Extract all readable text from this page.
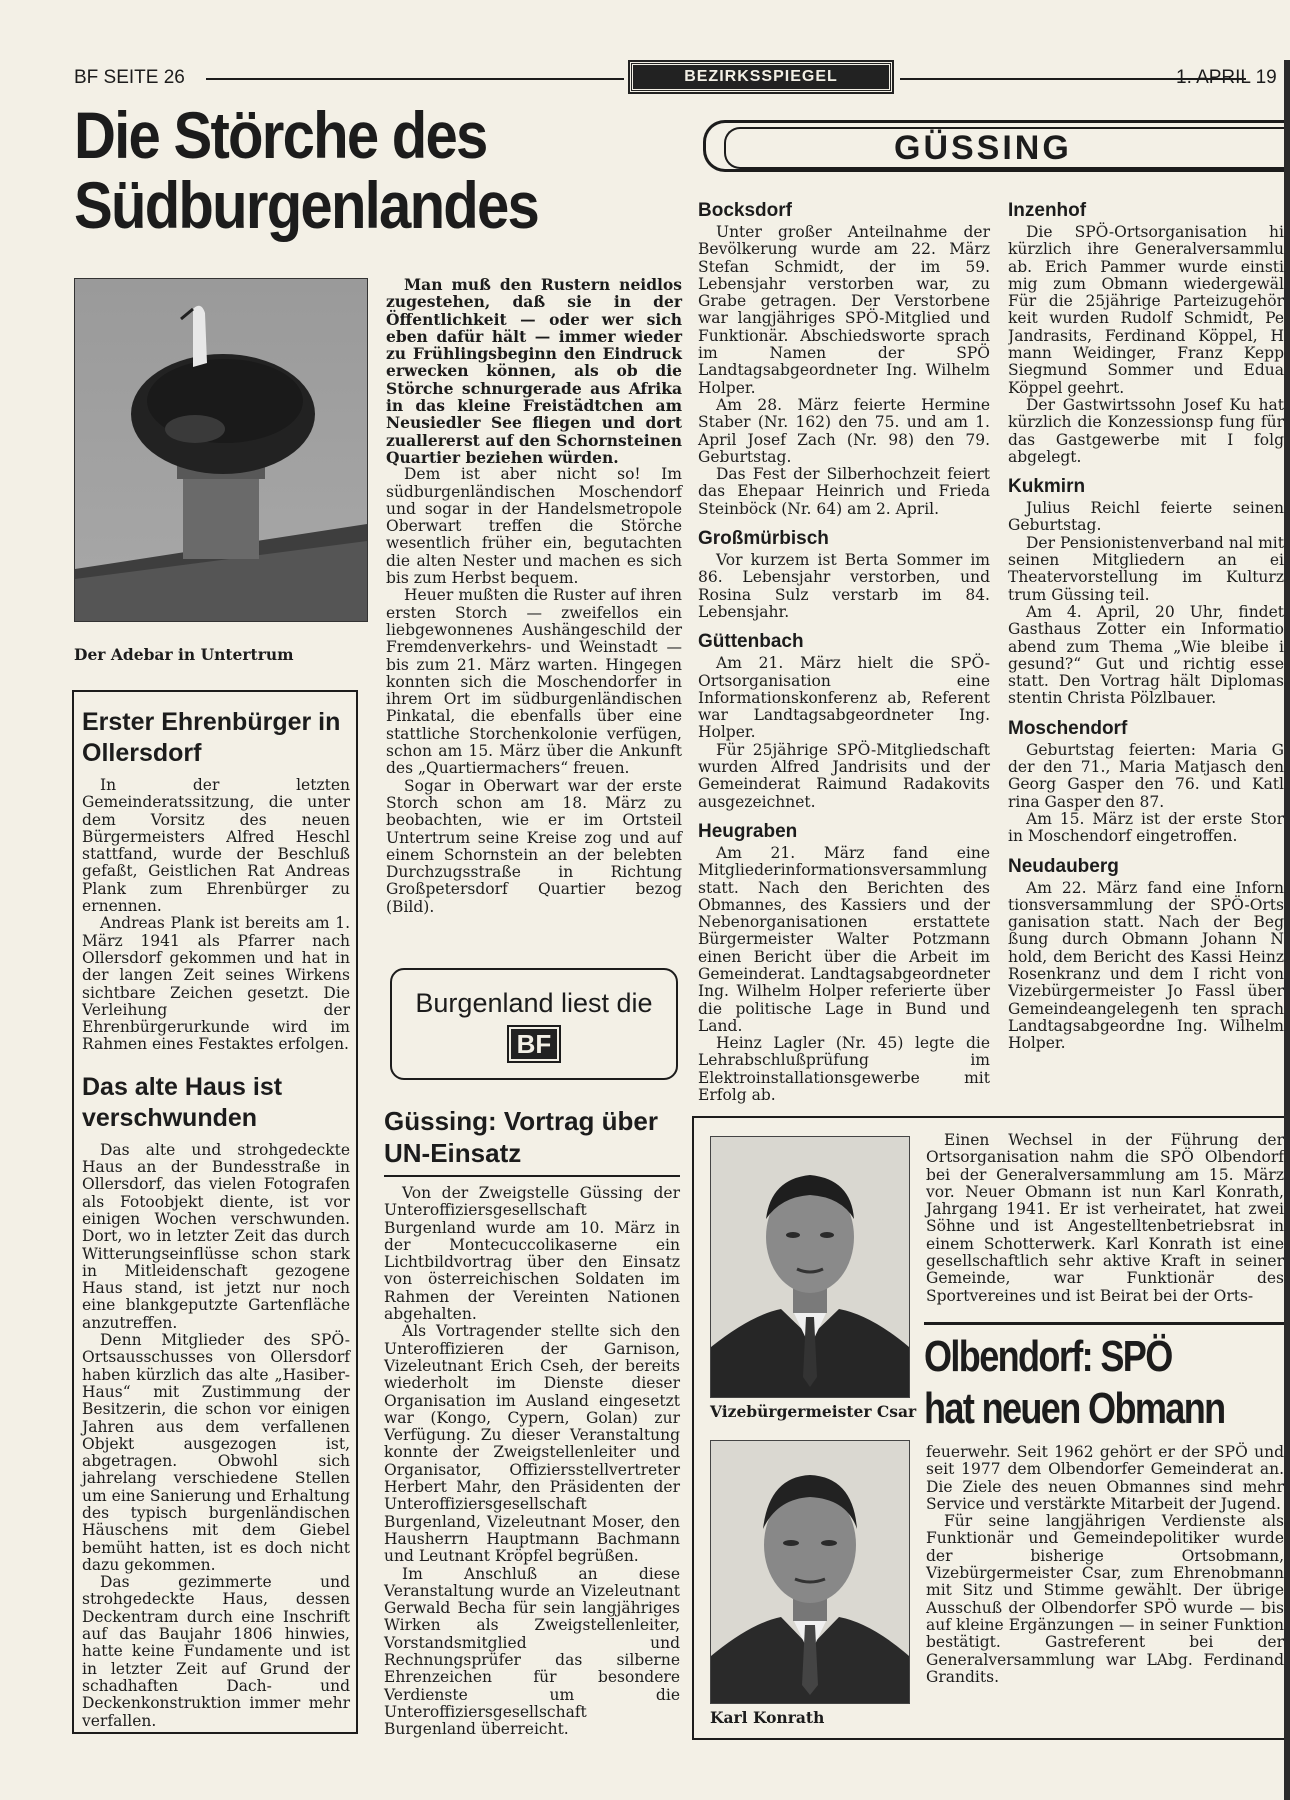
BF SEITE 26	BEZIRKSSPIEGEL	1. APRIL 19
GÜSSING
Die Störche des
Südburgenlandes
Der Adebar in Untertrum

Man muß den Rustern neidlos zugestehen, daß sie in der Öffentlichkeit — oder wer sich eben dafür hält — immer wieder zu Frühlingsbeginn den Eindruck erwecken können, als ob die Störche schnurgerade aus Afrika in das kleine Freistädtchen am Neusiedler See fliegen und dort zuallererst auf den Schornsteinen Quartier beziehen würden.

Dem ist aber nicht so! Im südburgenländischen Moschendorf und sogar in der Handelsmetropole Oberwart treffen die Störche wesentlich früher ein, begutachten die alten Nester und machen es sich bis zum Herbst bequem.

Heuer mußten die Ruster auf ihren ersten Storch — zweifellos ein liebgewonnenes Aushängeschild der Fremdenverkehrs- und Weinstadt — bis zum 21. März warten. Hingegen konnten sich die Moschendorfer in ihrem Ort im südburgenländischen Pinkatal, die ebenfalls über eine stattliche Storchenkolonie verfügen, schon am 15. März über die Ankunft des „Quartiermachers“ freuen.

Sogar in Oberwart war der erste Storch schon am 18. März zu beobachten, wie er im Ortsteil Untertrum seine Kreise zog und auf einem Schornstein an der belebten Durchzugsstraße in Richtung Großpetersdorf Quartier bezog (Bild).

Erster Ehrenbürger in Ollersdorf

In der letzten Gemeinderatssitzung, die unter dem Vorsitz des neuen Bürgermeisters Alfred Heschl stattfand, wurde der Beschluß gefaßt, Geistlichen Rat Andreas Plank zum Ehrenbürger zu ernennen.

Andreas Plank ist bereits am 1. März 1941 als Pfarrer nach Ollersdorf gekommen und hat in der langen Zeit seines Wirkens sichtbare Zeichen gesetzt. Die Verleihung der Ehrenbürgerurkunde wird im Rahmen eines Festaktes erfolgen.

Das alte Haus ist verschwunden

Das alte und strohgedeckte Haus an der Bundesstraße in Ollersdorf, das vielen Fotografen als Fotoobjekt diente, ist vor einigen Wochen verschwunden. Dort, wo in letzter Zeit das durch Witterungseinflüsse schon stark in Mitleidenschaft gezogene Haus stand, ist jetzt nur noch eine blankgeputzte Gartenfläche anzutreffen.

Denn Mitglieder des SPÖ-Ortsausschusses von Ollersdorf haben kürzlich das alte „Hasiber-Haus“ mit Zustimmung der Besitzerin, die schon vor einigen Jahren aus dem verfallenen Objekt ausgezogen ist, abgetragen. Obwohl sich jahrelang verschiedene Stellen um eine Sanierung und Erhaltung des typisch burgenländischen Häuschens mit dem Giebel bemüht hatten, ist es doch nicht dazu gekommen.

Das gezimmerte und strohgedeckte Haus, dessen Deckentram durch eine Inschrift auf das Baujahr 1806 hinwies, hatte keine Fundamente und ist in letzter Zeit auf Grund der schadhaften Dach- und Deckenkonstruktion immer mehr verfallen.

Burgenland liest die
BF
Güssing: Vortrag über UN-Einsatz

Von der Zweigstelle Güssing der Unteroffiziersgesellschaft Burgenland wurde am 10. März in der Montecuccolikaserne ein Lichtbildvortrag über den Einsatz von österreichischen Soldaten im Rahmen der Vereinten Nationen abgehalten.

Als Vortragender stellte sich den Unteroffizieren der Garnison, Vizeleutnant Erich Cseh, der bereits wiederholt im Dienste dieser Organisation im Ausland eingesetzt war (Kongo, Cypern, Golan) zur Verfügung. Zu dieser Veranstaltung konnte der Zweigstellenleiter und Organisator, Offiziersstellvertreter Herbert Mahr, den Präsidenten der Unteroffiziersgesellschaft Burgenland, Vizeleutnant Moser, den Hausherrn Hauptmann Bachmann und Leutnant Kröpfel begrüßen.

Im Anschluß an diese Veranstaltung wurde an Vizeleutnant Gerwald Becha für sein langjähriges Wirken als Zweigstellenleiter, Vorstandsmitglied und Rechnungsprüfer das silberne Ehrenzeichen für besondere Verdienste um die Unteroffiziersgesellschaft Burgenland überreicht.

Bocksdorf

Unter großer Anteilnahme der Bevölkerung wurde am 22. März Stefan Schmidt, der im 59. Lebensjahr verstorben war, zu Grabe getragen. Der Verstorbene war langjähriges SPÖ-Mitglied und Funktionär. Abschiedsworte sprach im Namen der SPÖ Landtagsabgeordneter Ing. Wilhelm Holper.

Am 28. März feierte Hermine Staber (Nr. 162) den 75. und am 1. April Josef Zach (Nr. 98) den 79. Geburtstag.

Das Fest der Silberhochzeit feiert das Ehepaar Heinrich und Frieda Steinböck (Nr. 64) am 2. April.

Großmürbisch

Vor kurzem ist Berta Sommer im 86. Lebensjahr verstorben, und Rosina Sulz verstarb im 84. Lebensjahr.

Güttenbach

Am 21. März hielt die SPÖ-Ortsorganisation eine Informationskonferenz ab, Referent war Landtagsabgeordneter Ing. Holper.

Für 25jährige SPÖ-Mitgliedschaft wurden Alfred Jandrisits und der Gemeinderat Raimund Radakovits ausgezeichnet.

Heugraben

Am 21. März fand eine Mitgliederinformationsversammlung statt. Nach den Berichten des Obmannes, des Kassiers und der Nebenorganisationen erstattete Bürgermeister Walter Potzmann einen Bericht über die Arbeit im Gemeinderat. Landtagsabgeordneter Ing. Wilhelm Holper referierte über die politische Lage in Bund und Land.

Heinz Lagler (Nr. 45) legte die Lehrabschlußprüfung im Elektroinstallationsgewerbe mit Erfolg ab.

Inzenhof

Die SPÖ-Ortsorganisation hi kürzlich ihre Generalversammlu ab. Erich Pammer wurde einsti mig zum Obmann wiedergewäl Für die 25jährige Parteizugehör keit wurden Rudolf Schmidt, Pe Jandrasits, Ferdinand Köppel, H mann Weidinger, Franz Kepp Siegmund Sommer und Edua Köppel geehrt.

Der Gastwirtssohn Josef Ku hat kürzlich die Konzessionsp fung für das Gastgewerbe mit I folg abgelegt.

Kukmirn

Julius Reichl feierte seinen Geburtstag.

Der Pensionistenverband nal mit seinen Mitgliedern an ei Theatervorstellung im Kulturz trum Güssing teil.

Am 4. April, 20 Uhr, findet Gasthaus Zotter ein Informatio abend zum Thema „Wie bleibe i gesund?“ Gut und richtig esse statt. Den Vortrag hält Diplomas stentin Christa Pölzlbauer.

Moschendorf

Geburtstag feierten: Maria G der den 71., Maria Matjasch den Georg Gasper den 76. und Katl rina Gasper den 87.

Am 15. März ist der erste Stor in Moschendorf eingetroffen.

Neudauberg

Am 22. März fand eine Inforn tionsversammlung der SPÖ-Orts ganisation statt. Nach der Beg ßung durch Obmann Johann N hold, dem Bericht des Kassi Heinz Rosenkranz und dem I richt von Vizebürgermeister Jo Fassl über Gemeindeangelegenh ten sprach Landtagsabgeordne Ing. Wilhelm Holper.

Vizebürgermeister Csar
Karl Konrath

Einen Wechsel in der Führung der Ortsorganisation nahm die SPÖ Olbendorf bei der Generalversammlung am 15. März vor. Neuer Obmann ist nun Karl Konrath, Jahrgang 1941. Er ist verheiratet, hat zwei Söhne und ist Angestelltenbetriebsrat in einem Schotterwerk. Karl Konrath ist eine gesellschaftlich sehr aktive Kraft in seiner Gemeinde, war Funktionär des Sportvereines und ist Beirat bei der Orts-

Olbendorf: SPÖ
hat neuen Obmann

feuerwehr. Seit 1962 gehört er der SPÖ und seit 1977 dem Olbendorfer Gemeinderat an. Die Ziele des neuen Obmannes sind mehr Service und verstärkte Mitarbeit der Jugend.

Für seine langjährigen Verdienste als Funktionär und Gemeindepolitiker wurde der bisherige Ortsobmann, Vizebürgermeister Csar, zum Ehrenobmann mit Sitz und Stimme gewählt. Der übrige Ausschuß der Olbendorfer SPÖ wurde — bis auf kleine Ergänzungen — in seiner Funktion bestätigt. Gastreferent bei der Generalversammlung war LAbg. Ferdinand Grandits.
